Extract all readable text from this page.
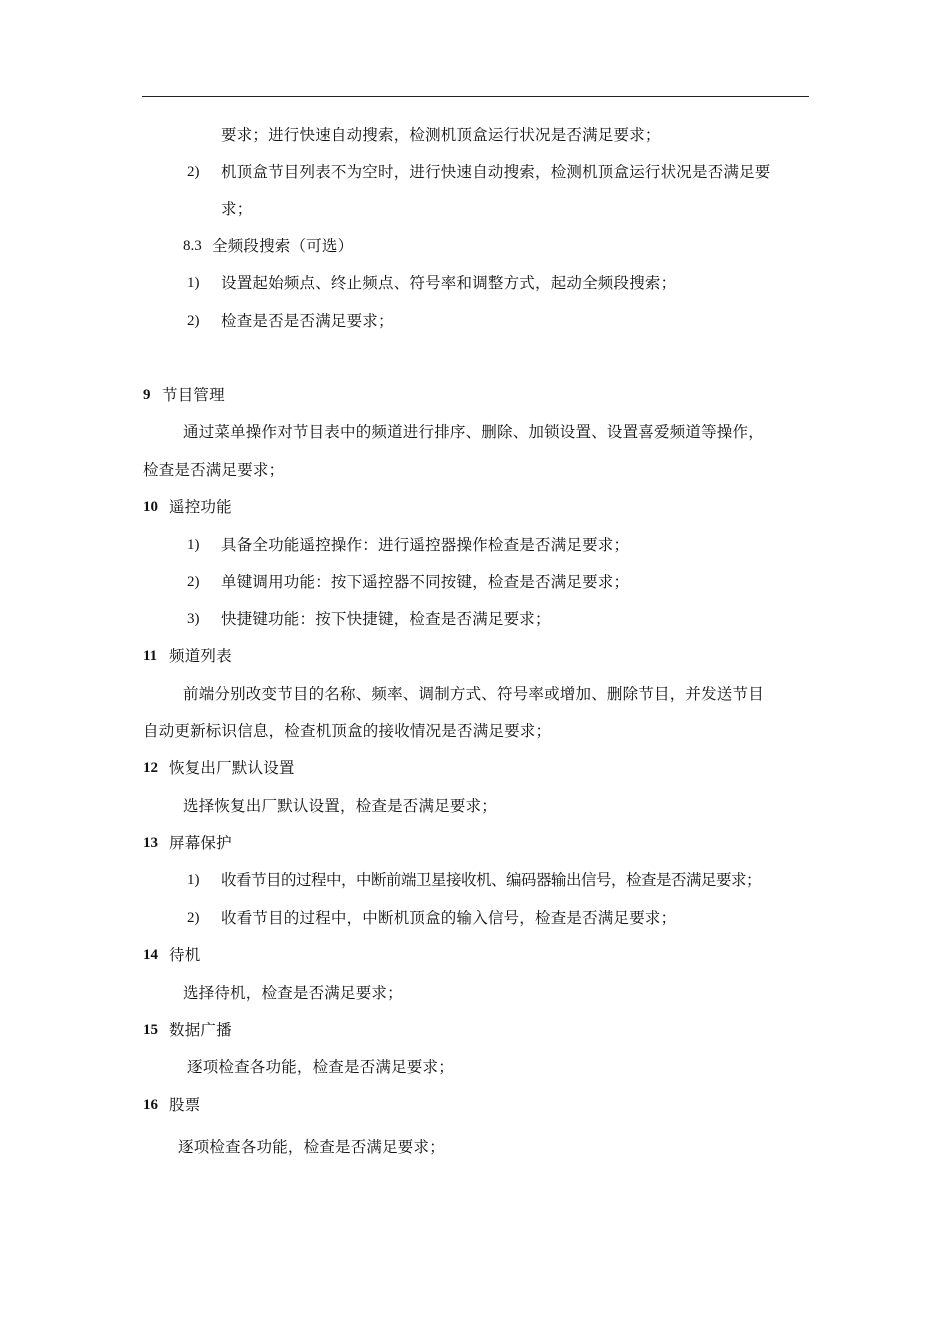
要求；进行快速自动搜索，检测机顶盒运行状况是否满足要求；
2) 机顶盒节目列表不为空时，进行快速自动搜索，检测机顶盒运行状况是否满足要
求；
8.3 全频段搜索（可选）
1) 设置起始频点、终止频点、符号率和调整方式，起动全频段搜索；
2) 检查是否是否满足要求；
9 节目管理
通过菜单操作对节目表中的频道进行排序、删除、加锁设置、设置喜爱频道等操作，
检查是否满足要求；
10 遥控功能
1) 具备全功能遥控操作：进行遥控器操作检查是否满足要求；
2) 单键调用功能：按下遥控器不同按键，检查是否满足要求；
3) 快捷键功能：按下快捷键，检查是否满足要求；
11 频道列表
前端分别改变节目的名称、频率、调制方式、符号率或增加、删除节目，并发送节目
自动更新标识信息，检查机顶盒的接收情况是否满足要求；
12 恢复出厂默认设置
选择恢复出厂默认设置，检查是否满足要求；
13 屏幕保护
1) 收看节目的过程中，中断前端卫星接收机、编码器输出信号，检查是否满足要求；
2) 收看节目的过程中，中断机顶盒的输入信号，检查是否满足要求；
14 待机
选择待机，检查是否满足要求；
15 数据广播
逐项检查各功能，检查是否满足要求；
16 股票
逐项检查各功能，检查是否满足要求；
